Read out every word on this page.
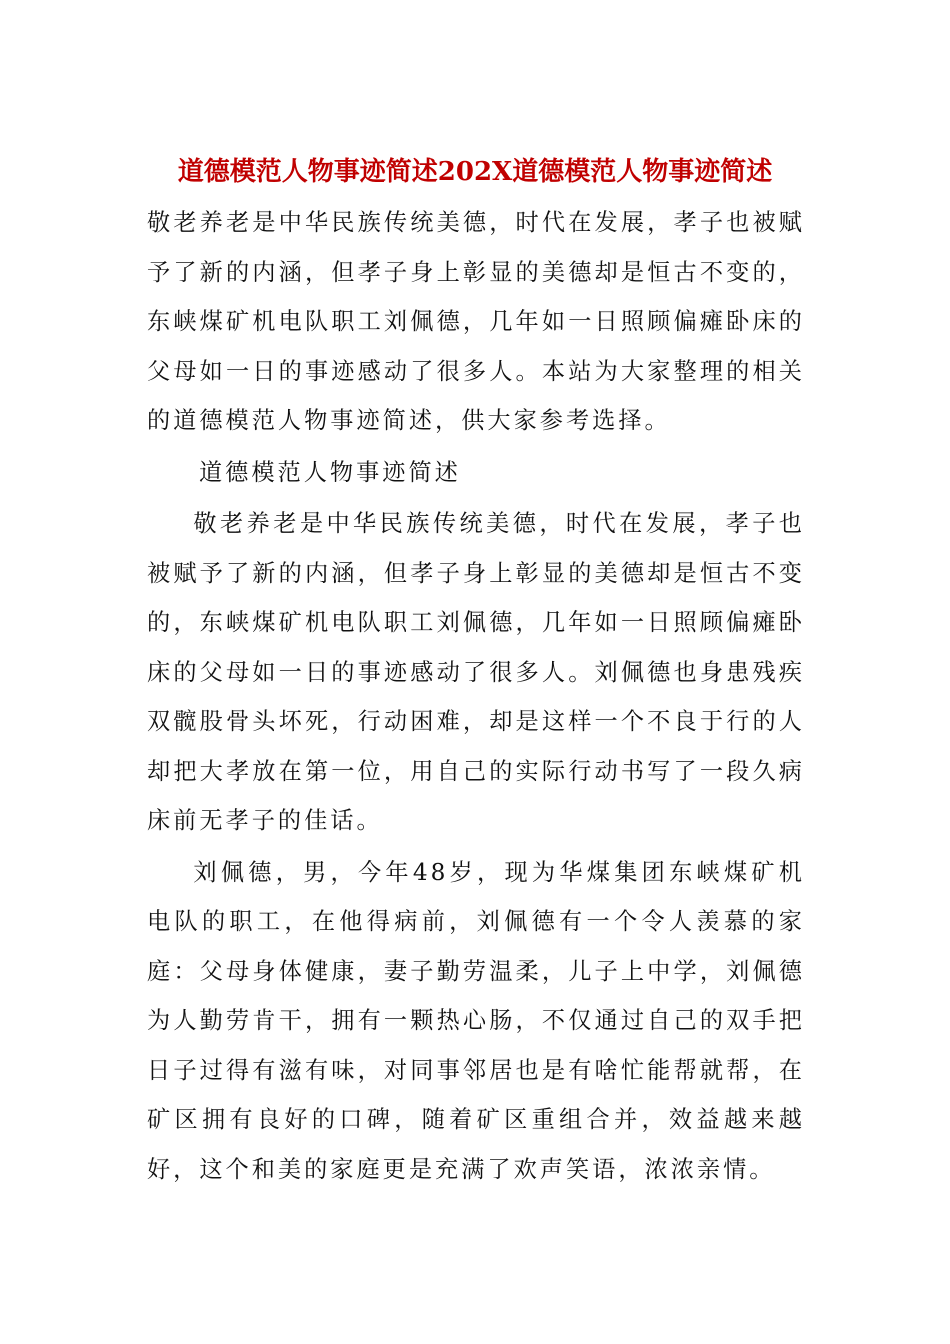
道德模范人物事迹简述202X道德模范人物事迹简述

敬老养老是中华民族传统美德，时代在发展，孝子也被赋予了新的内涵，但孝子身上彰显的美德却是恒古不变的，东峡煤矿机电队职工刘佩德，几年如一日照顾偏瘫卧床的父母如一日的事迹感动了很多人。本站为大家整理的相关的道德模范人物事迹简述，供大家参考选择。

道德模范人物事迹简述

敬老养老是中华民族传统美德，时代在发展，孝子也被赋予了新的内涵，但孝子身上彰显的美德却是恒古不变的，东峡煤矿机电队职工刘佩德，几年如一日照顾偏瘫卧床的父母如一日的事迹感动了很多人。刘佩德也身患残疾双髋股骨头坏死，行动困难，却是这样一个不良于行的人却把大孝放在第一位，用自己的实际行动书写了一段久病床前无孝子的佳话。

刘佩德，男，今年48岁，现为华煤集团东峡煤矿机电队的职工，在他得病前，刘佩德有一个令人羡慕的家庭：父母身体健康，妻子勤劳温柔，儿子上中学，刘佩德为人勤劳肯干，拥有一颗热心肠，不仅通过自己的双手把日子过得有滋有味，对同事邻居也是有啥忙能帮就帮，在矿区拥有良好的口碑，随着矿区重组合并，效益越来越好，这个和美的家庭更是充满了欢声笑语，浓浓亲情。
